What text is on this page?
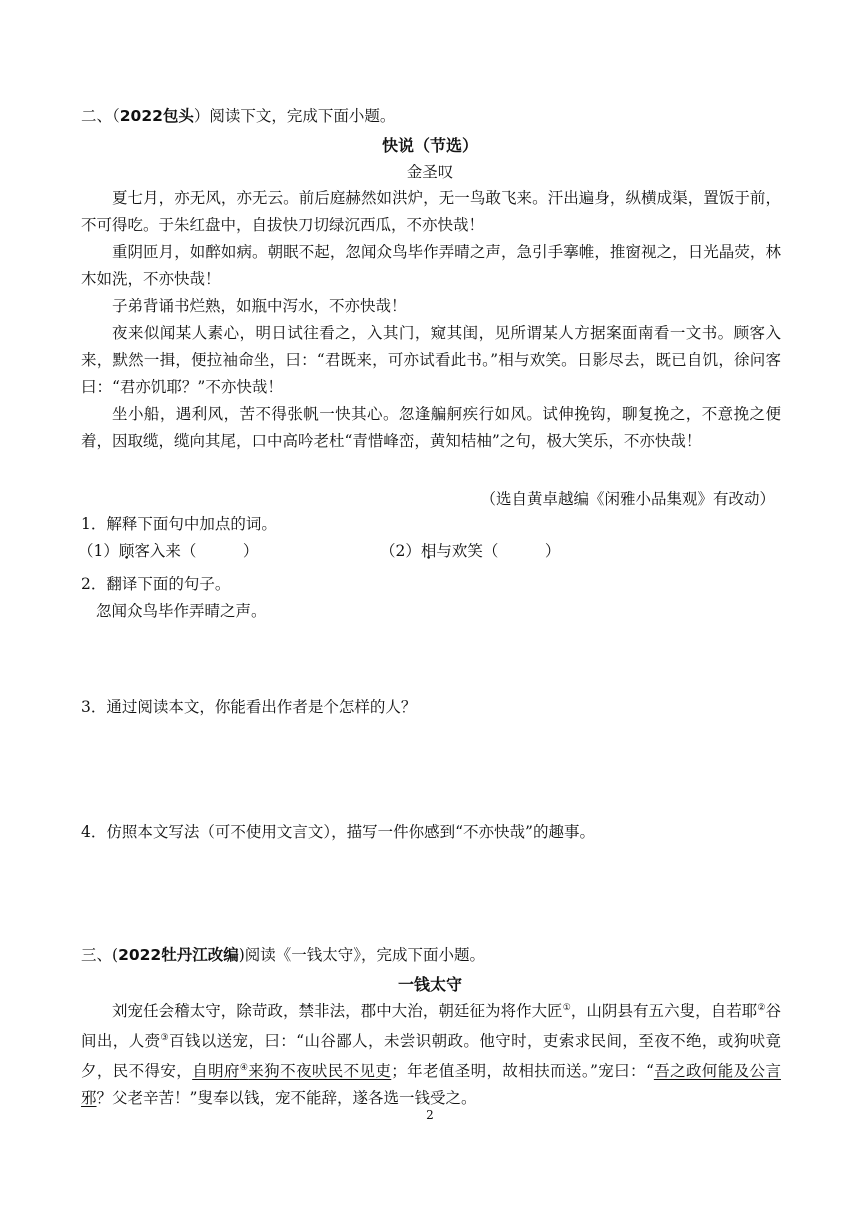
二、（2022包头）阅读下文，完成下面小题。
快说（节选）
金圣叹
夏七月，亦无风，亦无云。前后庭赫然如洪炉，无一鸟敢飞来。汗出遍身，纵横成渠，置饭于前，不可得吃。于朱红盘中，自拔快刀切绿沉西瓜，不亦快哉！
重阴匝月，如醉如病。朝眠不起，忽闻众鸟毕作弄晴之声，急引手搴帷，推窗视之，日光晶荧，林木如洗，不亦快哉！
子弟背诵书烂熟，如瓶中泻水，不亦快哉！
夜来似闻某人素心，明日试往看之，入其门，窥其闺，见所谓某人方据案面南看一文书。顾客入来，默然一揖，便拉袖命坐，曰：“君既来，可亦试看此书。”相与欢笑。日影尽去，既已自饥，徐问客曰：“君亦饥耶？”不亦快哉！
坐小船，遇利风，苦不得张帆一快其心。忽逢艑舸疾行如风。试伸挽钩，聊复挽之，不意挽之便着，因取缆，缆向其尾，口中高吟老杜“青惜峰峦，黄知桔柚”之句，极大笑乐，不亦快哉！
（选自黄卓越编《闲雅小品集观》有改动）
1．解释下面句中加点的词。
（1）顾客入来（　　　）	（2）相与欢笑（　　　）
2．翻译下面的句子。
忽闻众鸟毕作弄晴之声。
3．通过阅读本文，你能看出作者是个怎样的人？
4．仿照本文写法（可不使用文言文），描写一件你感到“不亦快哉”的趣事。
三、(2022牡丹江改编)阅读《一钱太守》，完成下面小题。
一钱太守
刘宠任会稽太守，除苛政，禁非法，郡中大治，朝廷征为将作大匠①，山阴县有五六叟，自若耶②谷间出，人赍③百钱以送宠，曰：“山谷鄙人，未尝识朝政。他守时，吏索求民间，至夜不绝，或狗吠竟夕，民不得安，自明府④来狗不夜吠民不见吏；年老值圣明，故相扶而送。”宠曰：“吾之政何能及公言邪？父老辛苦！”叟奉以钱，宠不能辞，遂各选一钱受之。
2
